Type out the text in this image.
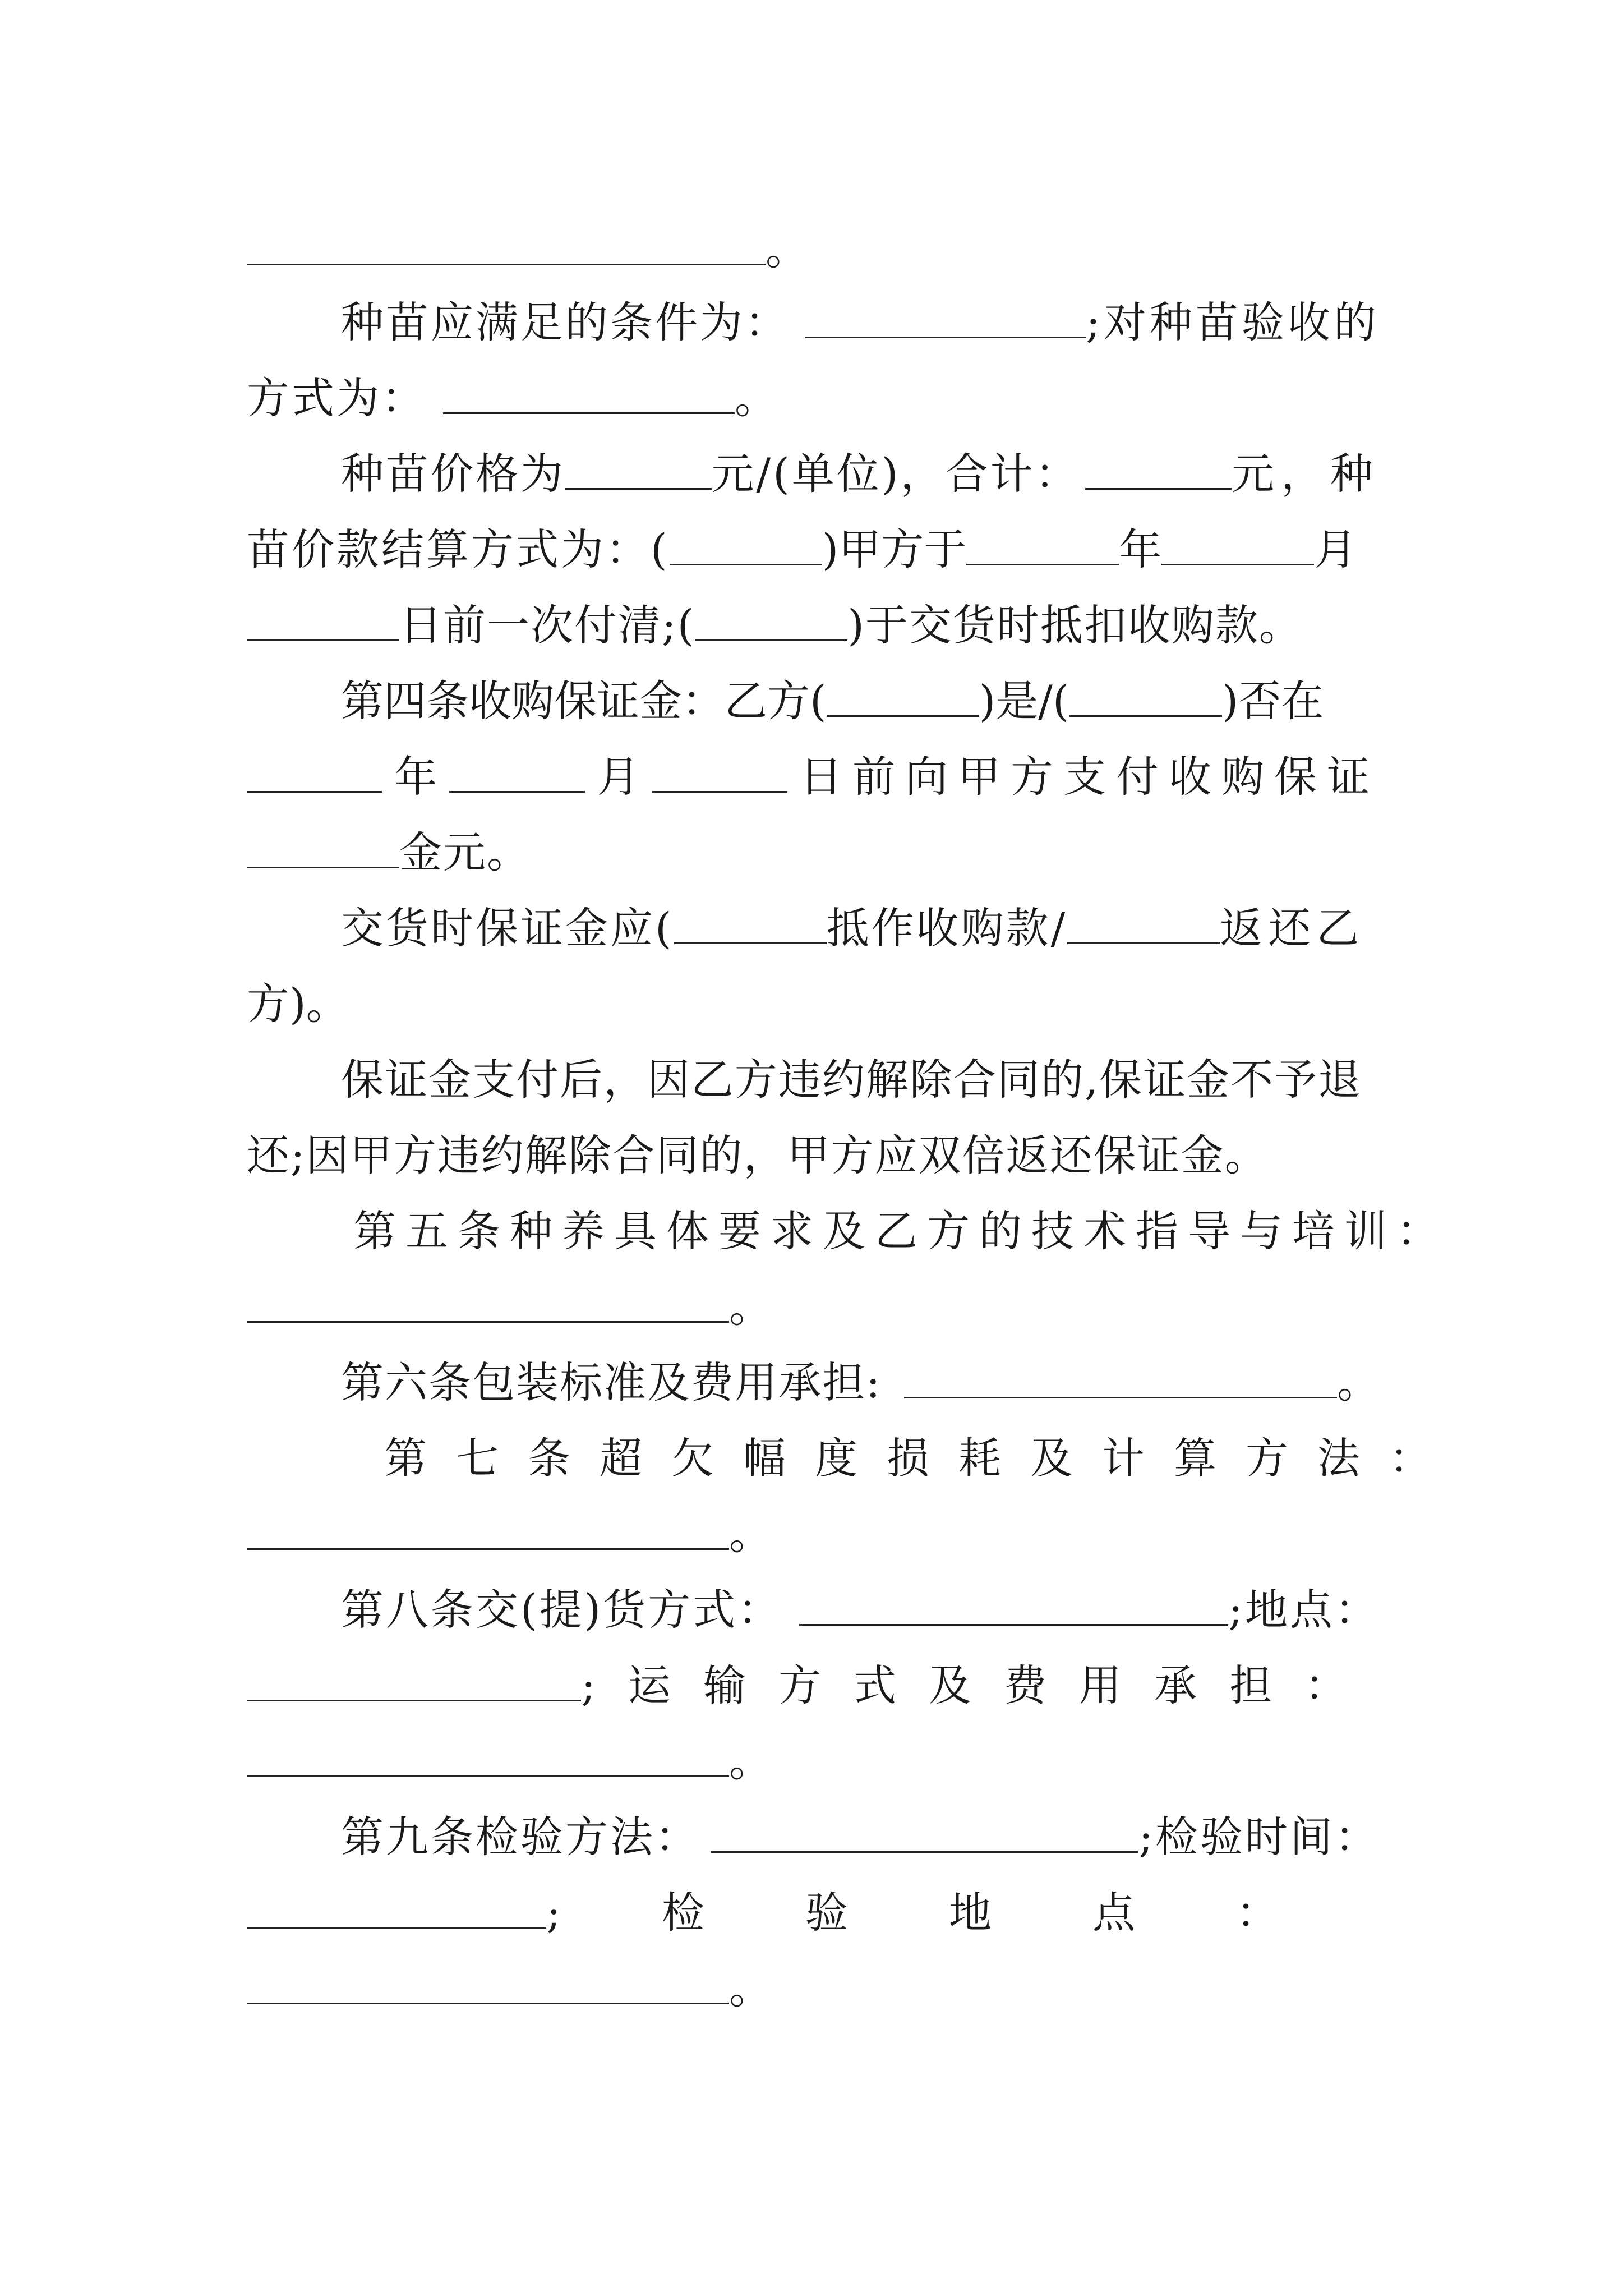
。
种苗应满足的条件为：	;对种苗验收的
方式为：	。
种苗价格为	元/(单位)，合计：	元，种
苗价款结算方式为：(	)甲方于	年	月
日前一次付清;(	)于交货时抵扣收购款。
第四条收购保证金：乙方(	)是/(	)否在
年	月	日前向甲方支付收购保证
金元。
交货时保证金应(	抵作收购款/	返还乙
方)。
保证金支付后，因乙方违约解除合同的,保证金不予退
还;因甲方违约解除合同的，甲方应双倍返还保证金。
第五条种养具体要求及乙方的技术指导与培训：
。
第六条包装标准及费用承担:	。
第七条超欠幅度损耗及计算方法：
。
第八条交(提)货方式：	;地点：
;运输方式及费用承担：
。
第九条检验方法：	;检验时间：
;检验地点：
。
